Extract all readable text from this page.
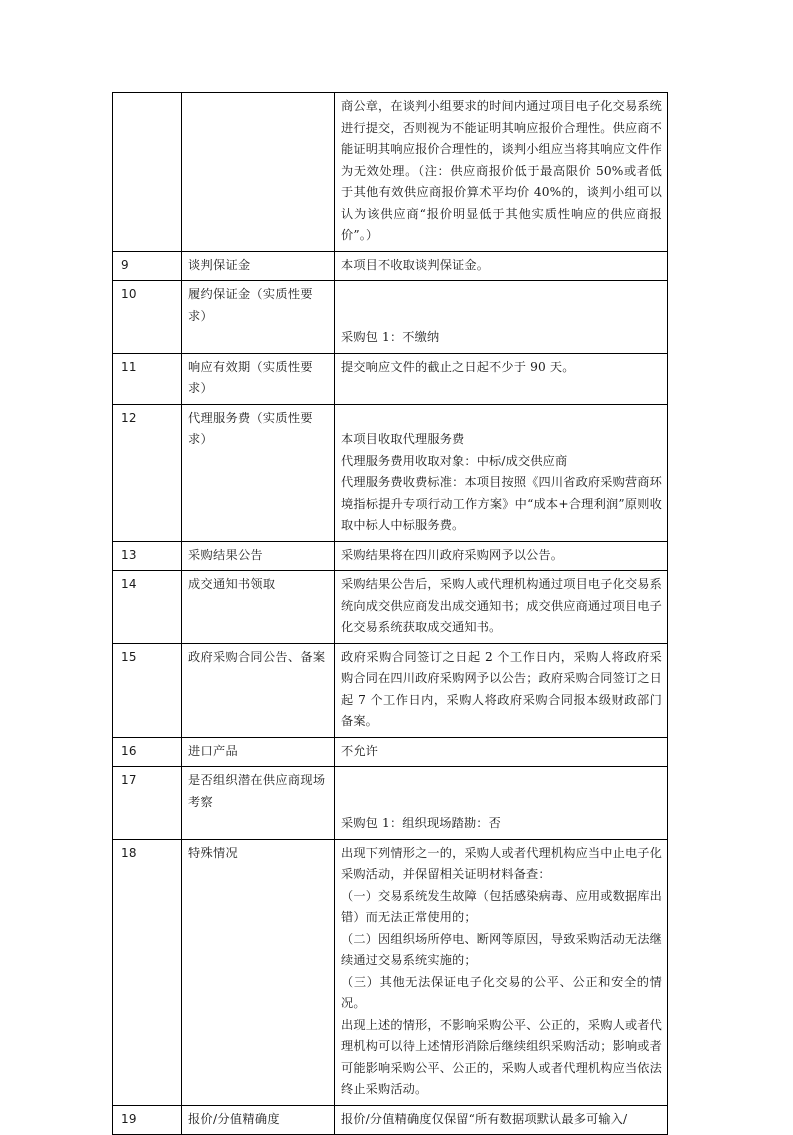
		商公章，在谈判小组要求的时间内通过项目电子化交易系统进行提交，否则视为不能证明其响应报价合理性。供应商不能证明其响应报价合理性的，谈判小组应当将其响应文件作为无效处理。（注：供应商报价低于最高限价 50%或者低于其他有效供应商报价算术平均价 40%的，谈判小组可以认为该供应商“报价明显低于其他实质性响应的供应商报价”。）

9	谈判保证金	本项目不收取谈判保证金。

10	履约保证金（实质性要求）	采购包 1：不缴纳

11	响应有效期（实质性要求）	提交响应文件的截止之日起不少于 90 天。

12	代理服务费（实质性要求）	本项目收取代理服务费

代理服务费用收取对象：中标/成交供应商

代理服务费收费标准：本项目按照《四川省政府采购营商环境指标提升专项行动工作方案》中“成本+合理利润”原则收取中标人中标服务费。

13	采购结果公告	采购结果将在四川政府采购网予以公告。

14	成交通知书领取	采购结果公告后，采购人或代理机构通过项目电子化交易系统向成交供应商发出成交通知书；成交供应商通过项目电子化交易系统获取成交通知书。

15	政府采购合同公告、备案	政府采购合同签订之日起 2 个工作日内，采购人将政府采购合同在四川政府采购网予以公告；政府采购合同签订之日起 7 个工作日内，采购人将政府采购合同报本级财政部门备案。

16	进口产品	不允许

17	是否组织潜在供应商现场考察	采购包 1：组织现场踏勘：否

18	特殊情况	出现下列情形之一的，采购人或者代理机构应当中止电子化采购活动，并保留相关证明材料备查：

（一）交易系统发生故障（包括感染病毒、应用或数据库出错）而无法正常使用的；

（二）因组织场所停电、断网等原因，导致采购活动无法继续通过交易系统实施的；

（三）其他无法保证电子化交易的公平、公正和安全的情况。

出现上述的情形，不影响采购公平、公正的，采购人或者代理机构可以待上述情形消除后继续组织采购活动；影响或者可能影响采购公平、公正的，采购人或者代理机构应当依法终止采购活动。

19	报价/分值精确度	报价/分值精确度仅保留“所有数据项默认最多可输入/
